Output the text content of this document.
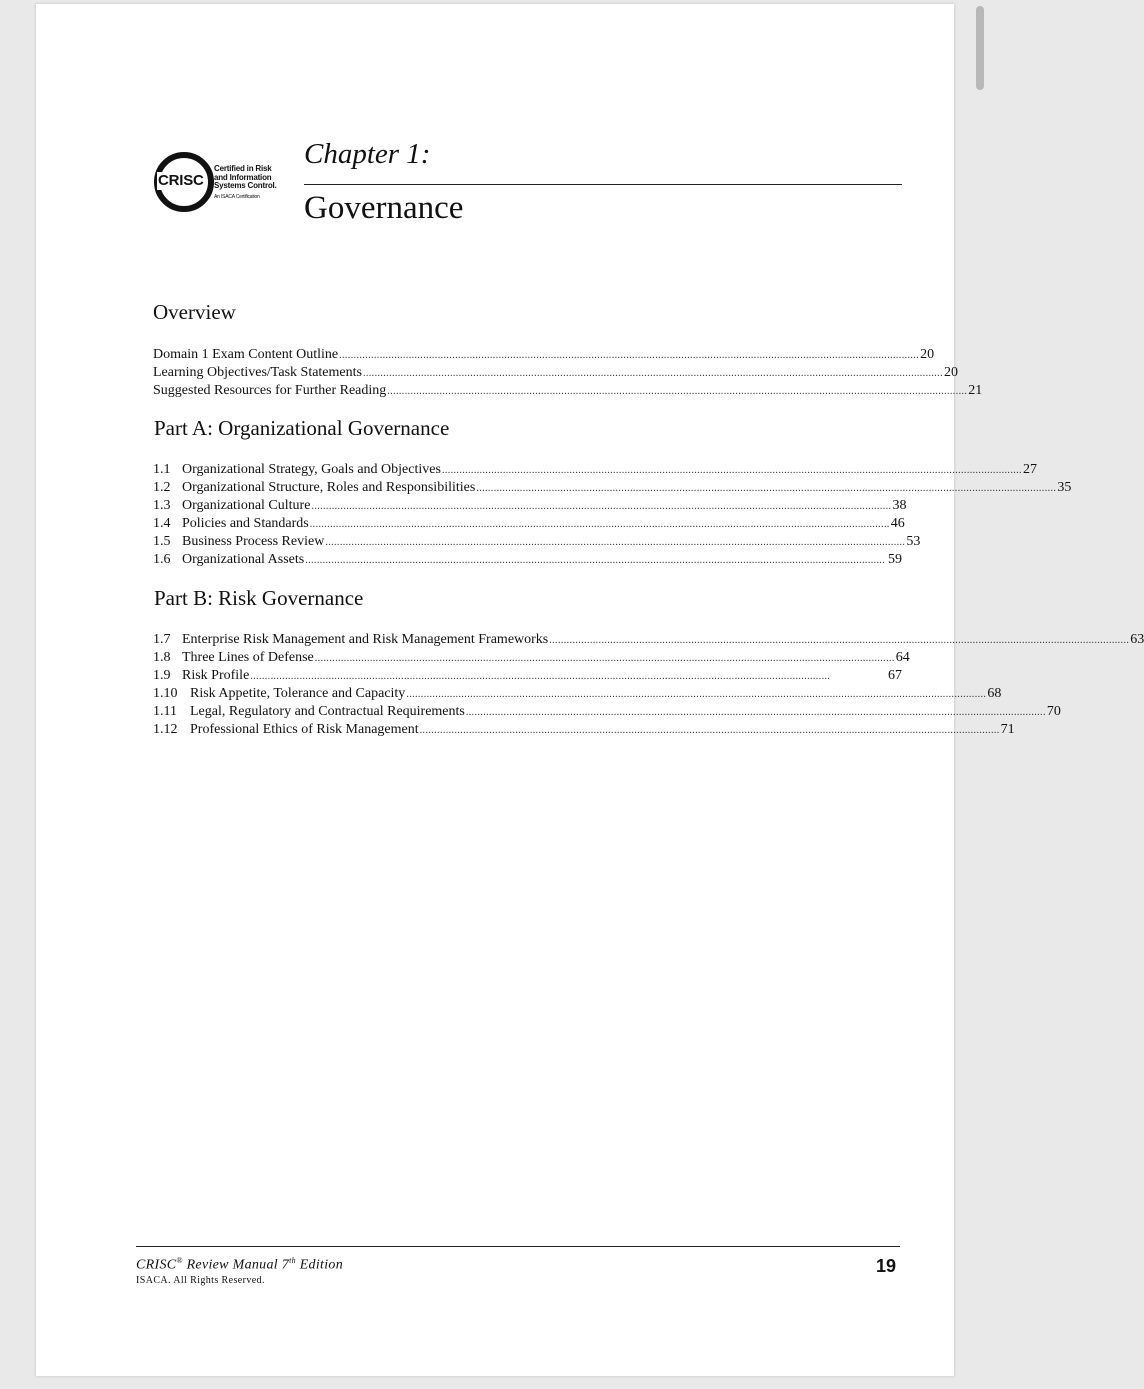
CRISC
Certified in Risk
and Information
Systems Control.
An ISACA Certification
Chapter 1:
Governance
Overview
Domain 1 Exam Content Outline ........................................................................................................................................................................................................ 20
Learning Objectives/Task Statements ........................................................................................................................................................................................................ 20
Suggested Resources for Further Reading ........................................................................................................................................................................................................ 21
Part A: Organizational Governance
1.1 Organizational Strategy, Goals and Objectives ........................................................................................................................................................................................................ 27
1.2 Organizational Structure, Roles and Responsibilities ........................................................................................................................................................................................................ 35
1.3 Organizational Culture ........................................................................................................................................................................................................ 38
1.4 Policies and Standards ........................................................................................................................................................................................................ 46
1.5 Business Process Review ........................................................................................................................................................................................................ 53
1.6 Organizational Assets ........................................................................................................................................................................................................ 59
Part B: Risk Governance
1.7 Enterprise Risk Management and Risk Management Frameworks ........................................................................................................................................................................................................ 63
1.8 Three Lines of Defense ........................................................................................................................................................................................................ 64
1.9 Risk Profile ........................................................................................................................................................................................................	67
1.10 Risk Appetite, Tolerance and Capacity ........................................................................................................................................................................................................ 68
1.11 Legal, Regulatory and Contractual Requirements ........................................................................................................................................................................................................ 70
1.12 Professional Ethics of Risk Management ........................................................................................................................................................................................................ 71
CRISC® Review Manual 7th Edition
ISACA. All Rights Reserved.
19
